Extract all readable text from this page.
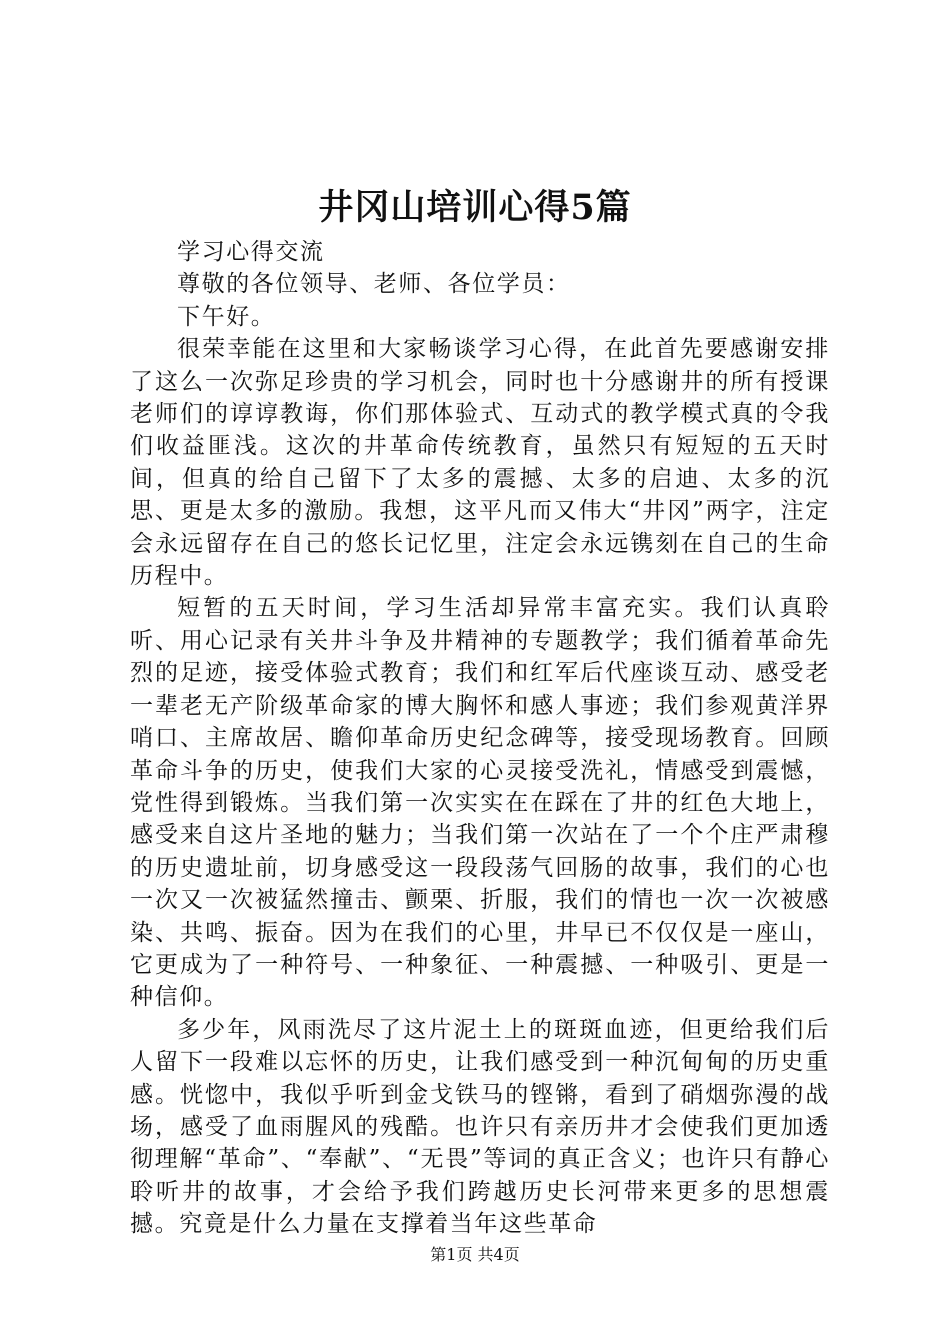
井冈山培训心得5篇

学习心得交流

尊敬的各位领导、老师、各位学员：

下午好。

很荣幸能在这里和大家畅谈学习心得，在此首先要感谢安排了这么一次弥足珍贵的学习机会，同时也十分感谢井的所有授课老师们的谆谆教诲，你们那体验式、互动式的教学模式真的令我们收益匪浅。这次的井革命传统教育，虽然只有短短的五天时间，但真的给自己留下了太多的震撼、太多的启迪、太多的沉思、更是太多的激励。我想，这平凡而又伟大“井冈”两字，注定会永远留存在自己的悠长记忆里，注定会永远镌刻在自己的生命历程中。

短暂的五天时间，学习生活却异常丰富充实。我们认真聆听、用心记录有关井斗争及井精神的专题教学；我们循着革命先烈的足迹，接受体验式教育；我们和红军后代座谈互动、感受老一辈老无产阶级革命家的博大胸怀和感人事迹；我们参观黄洋界哨口、主席故居、瞻仰革命历史纪念碑等，接受现场教育。回顾革命斗争的历史，使我们大家的心灵接受洗礼，情感受到震憾，党性得到锻炼。当我们第一次实实在在踩在了井的红色大地上，感受来自这片圣地的魅力；当我们第一次站在了一个个庄严肃穆的历史遗址前，切身感受这一段段荡气回肠的故事，我们的心也一次又一次被猛然撞击、颤栗、折服，我们的情也一次一次被感染、共鸣、振奋。因为在我们的心里，井早已不仅仅是一座山，它更成为了一种符号、一种象征、一种震撼、一种吸引、更是一种信仰。

多少年，风雨洗尽了这片泥土上的斑斑血迹，但更给我们后人留下一段难以忘怀的历史，让我们感受到一种沉甸甸的历史重感。恍惚中，我似乎听到金戈铁马的铿锵，看到了硝烟弥漫的战场，感受了血雨腥风的残酷。也许只有亲历井才会使我们更加透彻理解“革命”、“奉献”、“无畏”等词的真正含义；也许只有静心聆听井的故事，才会给予我们跨越历史长河带来更多的思想震撼。究竟是什么力量在支撑着当年这些革命

第1页 共4页
